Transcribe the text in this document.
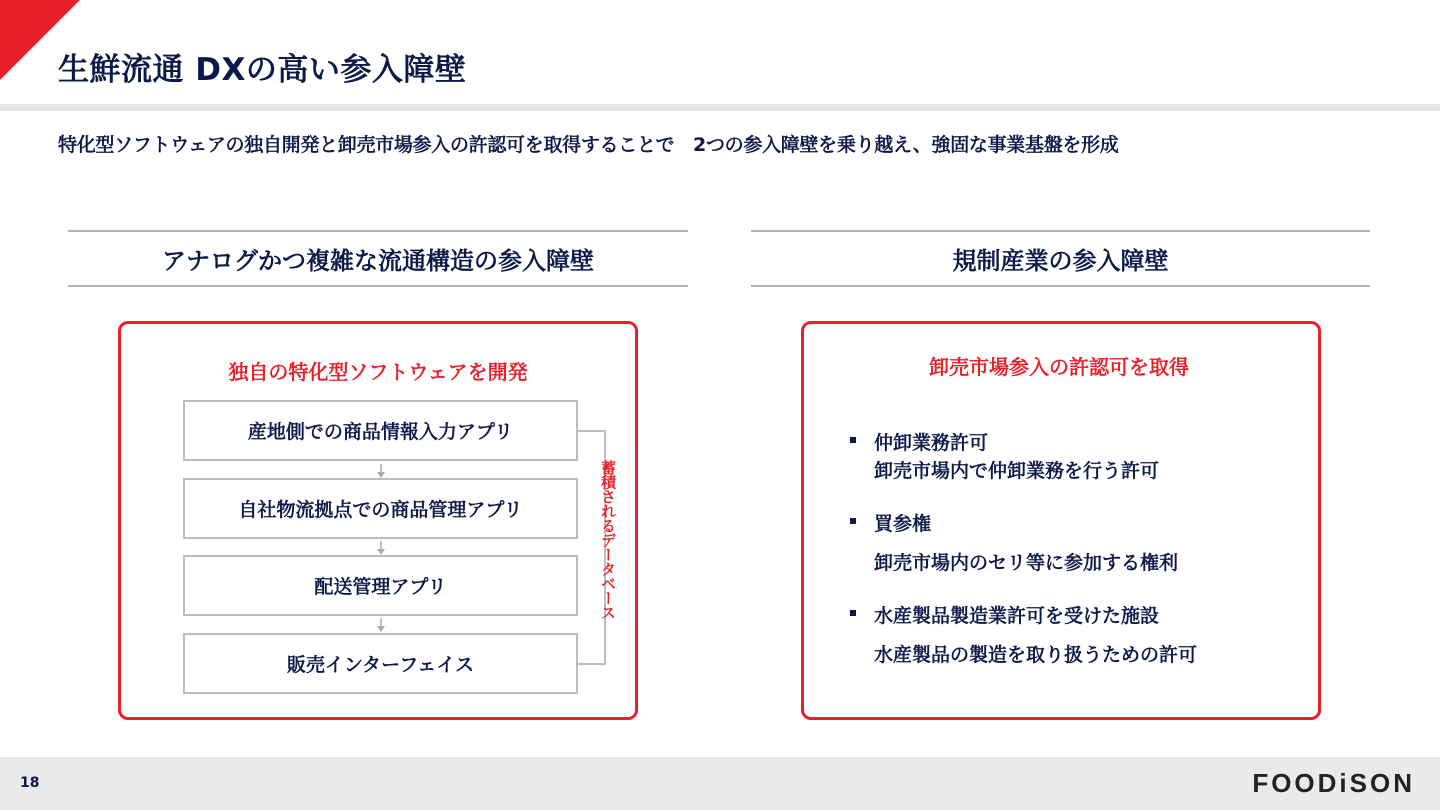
生鮮流通 DXの高い参入障壁
特化型ソフトウェアの独自開発と卸売市場参入の許認可を取得することで　2つの参入障壁を乗り越え、強固な事業基盤を形成
アナログかつ複雑な流通構造の参入障壁
独自の特化型ソフトウェアを開発
産地側での商品情報入力アプリ
自社物流拠点での商品管理アプリ
配送管理アプリ
販売インターフェイス
蓄積されるデータベース
規制産業の参入障壁
卸売市場参入の許認可を取得
仲卸業務許可
卸売市場内で仲卸業務を行う許可
買参権
卸売市場内のセリ等に参加する権利
水産製品製造業許可を受けた施設
水産製品の製造を取り扱うための許可
18	FOODiSON
